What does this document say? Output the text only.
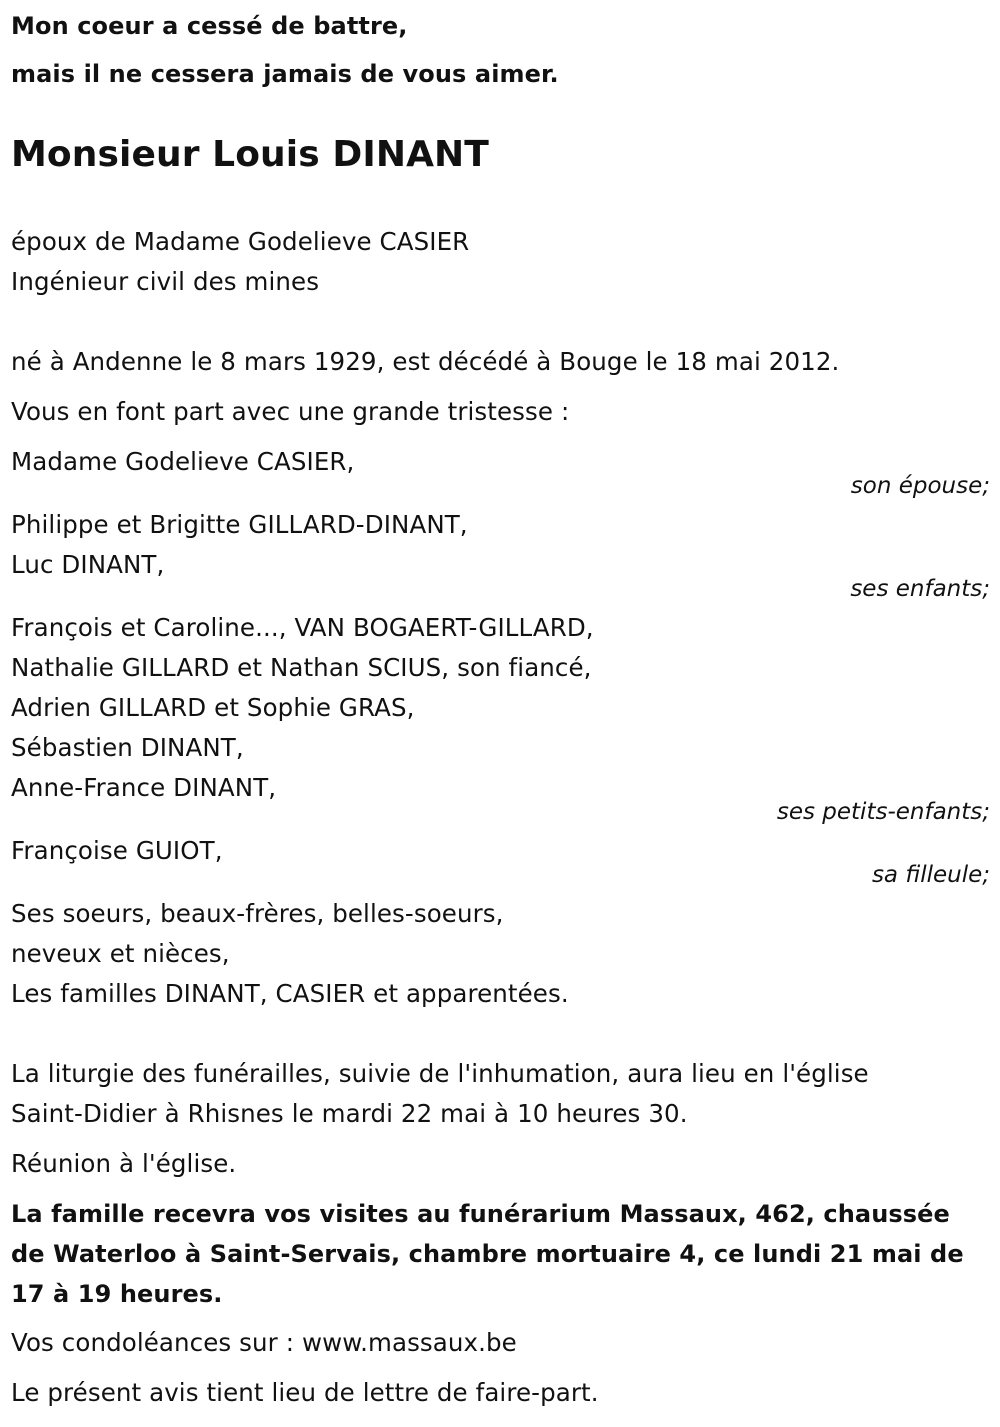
Mon coeur a cessé de battre,
mais il ne cessera jamais de vous aimer.
Monsieur Louis DINANT
époux de Madame Godelieve CASIER
Ingénieur civil des mines
né à Andenne le 8 mars 1929, est décédé à Bouge le 18 mai 2012.
Vous en font part avec une grande tristesse :
Madame Godelieve CASIER,
son épouse;
Philippe et Brigitte GILLARD-DINANT,
Luc DINANT,
ses enfants;
François et Caroline..., VAN BOGAERT-GILLARD,
Nathalie GILLARD et Nathan SCIUS, son fiancé,
Adrien GILLARD et Sophie GRAS,
Sébastien DINANT,
Anne-France DINANT,
ses petits-enfants;
Françoise GUIOT,
sa filleule;
Ses soeurs, beaux-frères, belles-soeurs,
neveux et nièces,
Les familles DINANT, CASIER et apparentées.
La liturgie des funérailles, suivie de l'inhumation, aura lieu en l'église
Saint-Didier à Rhisnes le mardi 22 mai à 10 heures 30.
Réunion à l'église.
La famille recevra vos visites au funérarium Massaux, 462, chaussée
de Waterloo à Saint-Servais, chambre mortuaire 4, ce lundi 21 mai de
17 à 19 heures.
Vos condoléances sur : www.massaux.be
Le présent avis tient lieu de lettre de faire-part.
